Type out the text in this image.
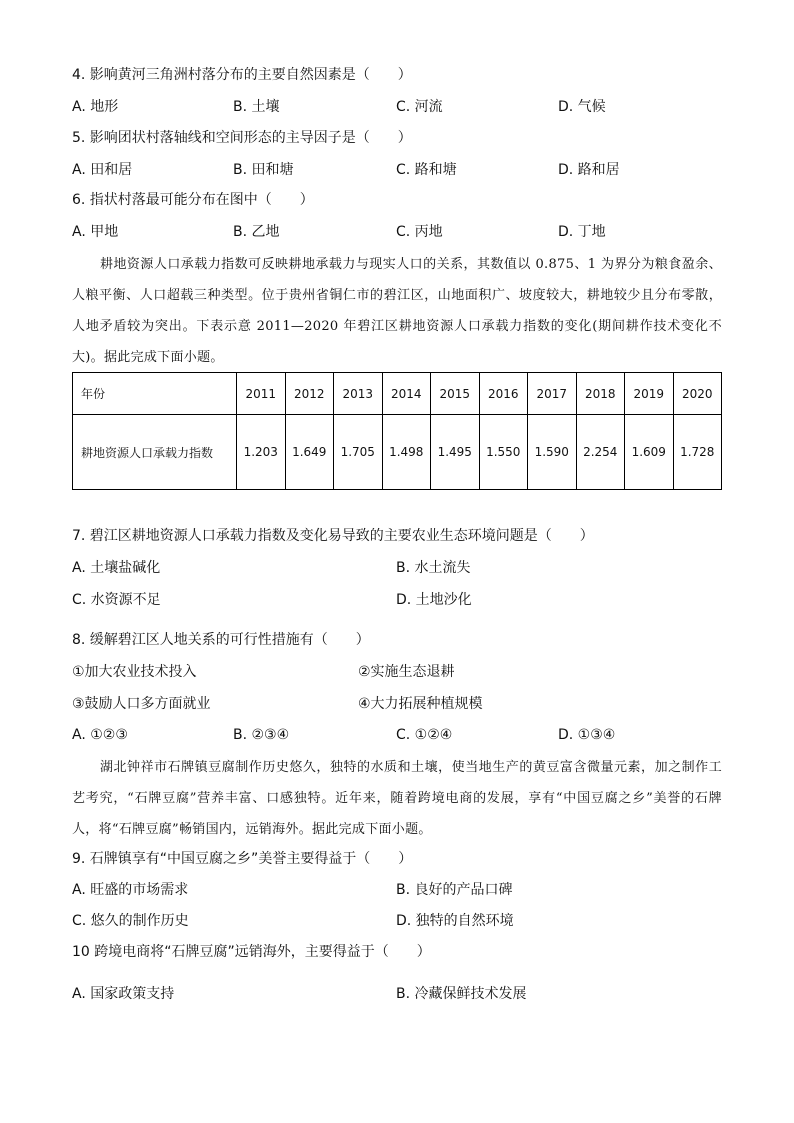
4. 影响黄河三角洲村落分布的主要自然因素是（　　）
A. 地形	B. 土壤	C. 河流	D. 气候
5. 影响团状村落轴线和空间形态的主导因子是（　　）
A. 田和居	B. 田和塘	C. 路和塘	D. 路和居
6. 指状村落最可能分布在图中（　　）
A. 甲地	B. 乙地	C. 丙地	D. 丁地
耕地资源人口承载力指数可反映耕地承载力与现实人口的关系，其数值以 0.875、1 为界分为粮食盈余、人粮平衡、人口超载三种类型。位于贵州省铜仁市的碧江区，山地面积广、坡度较大，耕地较少且分布零散，人地矛盾较为突出。下表示意 2011—2020 年碧江区耕地资源人口承载力指数的变化(期间耕作技术变化不大)。据此完成下面小题。
年份	2011	2012	2013	2014	2015	2016	2017	2018	2019	2020
耕地资源人口承载力指数	1.203	1.649	1.705	1.498	1.495	1.550	1.590	2.254	1.609	1.728
7. 碧江区耕地资源人口承载力指数及变化易导致的主要农业生态环境问题是（　　）
A. 土壤盐碱化	B. 水土流失
C. 水资源不足	D. 土地沙化
8. 缓解碧江区人地关系的可行性措施有（　　）
①加大农业技术投入	②实施生态退耕
③鼓励人口多方面就业	④大力拓展种植规模
A. ①②③	B. ②③④	C. ①②④	D. ①③④
湖北钟祥市石牌镇豆腐制作历史悠久，独特的水质和土壤，使当地生产的黄豆富含微量元素，加之制作工艺考究，“石牌豆腐”营养丰富、口感独特。近年来，随着跨境电商的发展，享有“中国豆腐之乡”美誉的石牌人，将“石牌豆腐”畅销国内，远销海外。据此完成下面小题。
9. 石牌镇享有“中国豆腐之乡”美誉主要得益于（　　）
A. 旺盛的市场需求	B. 良好的产品口碑
C. 悠久的制作历史	D. 独特的自然环境
10 跨境电商将“石牌豆腐”远销海外，主要得益于（　　）
A. 国家政策支持	B. 冷藏保鲜技术发展
